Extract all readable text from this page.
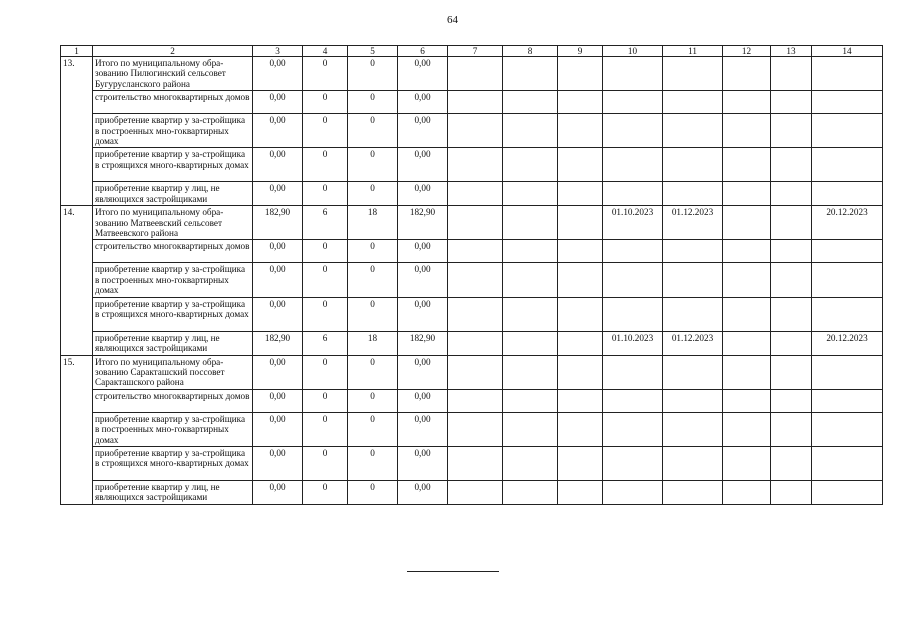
64
1	2	3	4	5	6	7	8	9	10	11	12	13	14
13.	Итого по муниципальному обра-зованию Пилюгинский сельсовет Бугурусланского района	0,00	0	0	0,00								
	строительство многоквартирных домов	0,00	0	0	0,00								
	приобретение квартир у за-стройщика в построенных мно-гоквартирных домах	0,00	0	0	0,00								
	приобретение квартир у за-стройщика в строящихся много-квартирных домах	0,00	0	0	0,00								
	приобретение квартир у лиц, не являющихся застройщиками	0,00	0	0	0,00								
14.	Итого по муниципальному обра-зованию Матвеевский сельсовет Матвеевского района	182,90	6	18	182,90				01.10.2023	01.12.2023			20.12.2023
	строительство многоквартирных домов	0,00	0	0	0,00								
	приобретение квартир у за-стройщика в построенных мно-гоквартирных домах	0,00	0	0	0,00								
	приобретение квартир у за-стройщика в строящихся много-квартирных домах	0,00	0	0	0,00								
	приобретение квартир у лиц, не являющихся застройщиками	182,90	6	18	182,90				01.10.2023	01.12.2023			20.12.2023
15.	Итого по муниципальному обра-зованию Саракташский поссовет Саракташского района	0,00	0	0	0,00								
	строительство многоквартирных домов	0,00	0	0	0,00								
	приобретение квартир у за-стройщика в построенных мно-гоквартирных домах	0,00	0	0	0,00								
	приобретение квартир у за-стройщика в строящихся много-квартирных домах	0,00	0	0	0,00								
	приобретение квартир у лиц, не являющихся застройщиками	0,00	0	0	0,00								
